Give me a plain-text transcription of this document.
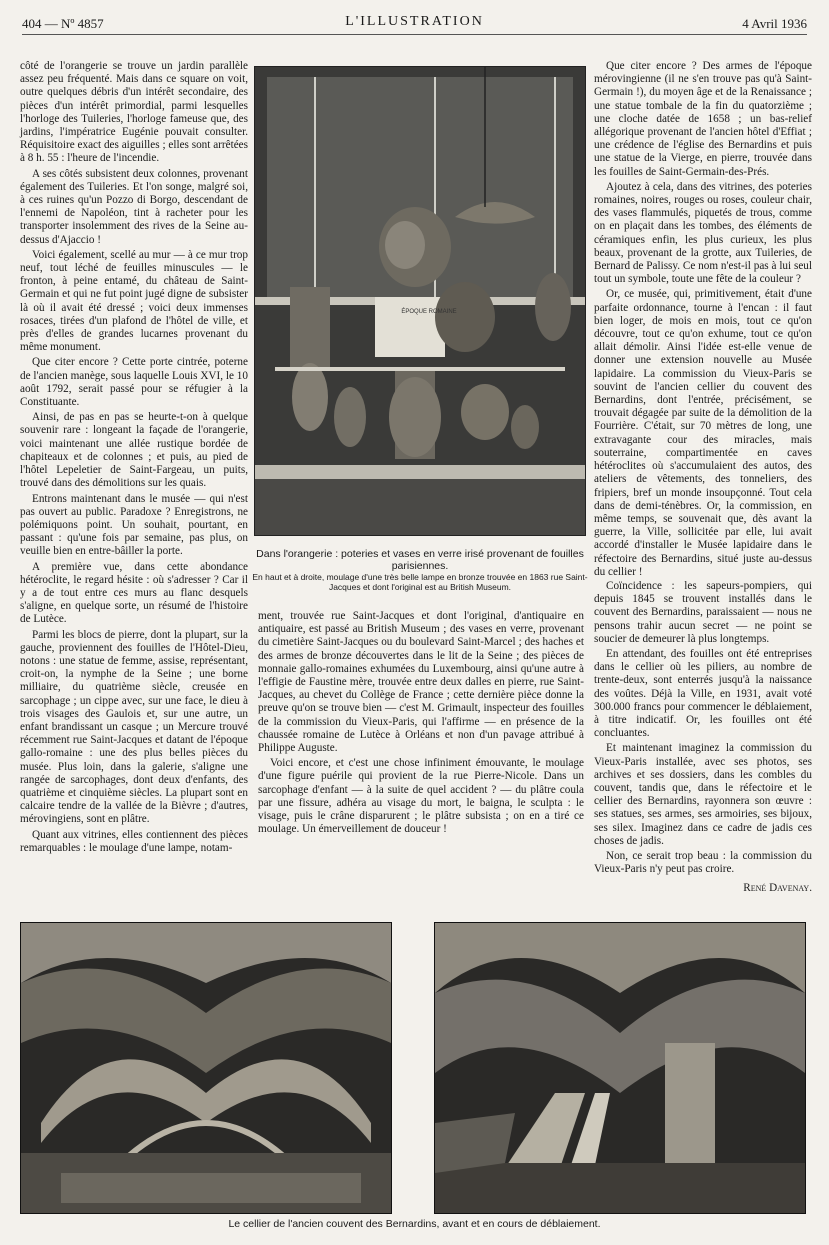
404 — Nº 4857	L'ILLUSTRATION	4 Avril 1936

côté de l'orangerie se trouve un jardin parallèle assez peu fréquenté. Mais dans ce square on voit, outre quelques débris d'un intérêt secondaire, des pièces d'un intérêt primordial, parmi lesquelles l'horloge des Tuileries, l'horloge fameuse que, des jardins, l'impératrice Eugénie pouvait consulter. Réquisitoire exact des aiguilles ; elles sont arrêtées à 8 h. 55 : l'heure de l'incendie.

A ses côtés subsistent deux colonnes, provenant également des Tuileries. Et l'on songe, malgré soi, à ces ruines qu'un Pozzo di Borgo, descendant de l'ennemi de Napoléon, tint à racheter pour les transporter insolemment des rives de la Seine au-dessus d'Ajaccio !

Voici également, scellé au mur — à ce mur trop neuf, tout léché de feuilles minuscules — le fronton, à peine entamé, du château de Saint-Germain et qui ne fut point jugé digne de subsister là où il avait été dressé ; voici deux immenses rosaces, tirées d'un plafond de l'hôtel de ville, et près d'elles de grandes lucarnes provenant du même monument.

Que citer encore ? Cette porte cintrée, poterne de l'ancien manège, sous laquelle Louis XVI, le 10 août 1792, serait passé pour se réfugier à la Constituante.

Ainsi, de pas en pas se heurte-t-on à quelque souvenir rare : longeant la façade de l'orangerie, voici maintenant une allée rustique bordée de chapiteaux et de colonnes ; et puis, au pied de l'hôtel Lepeletier de Saint-Fargeau, un puits, trouvé dans des démolitions sur les quais.

Entrons maintenant dans le musée — qui n'est pas ouvert au public. Paradoxe ? Enregistrons, ne polémiquons point. Un souhait, pourtant, en passant : qu'une fois par semaine, pas plus, on veuille bien en entre-bâiller la porte.

A première vue, dans cette abondance hétéroclite, le regard hésite : où s'adresser ? Car il y a de tout entre ces murs au flanc desquels s'aligne, en quelque sorte, un résumé de l'histoire de Lutèce.

Parmi les blocs de pierre, dont la plupart, sur la gauche, proviennent des fouilles de l'Hôtel-Dieu, notons : une statue de femme, assise, représentant, croit-on, la nymphe de la Seine ; une borne milliaire, du quatrième siècle, creusée en sarcophage ; un cippe avec, sur une face, le dieu à trois visages des Gaulois et, sur une autre, un enfant brandissant un casque ; un Mercure trouvé récemment rue Saint-Jacques et datant de l'époque gallo-romaine : une des plus belles pièces du musée. Plus loin, dans la galerie, s'aligne une rangée de sarcophages, dont deux d'enfants, des quatrième et cinquième siècles. La plupart sont en calcaire tendre de la vallée de la Bièvre ; d'autres, mérovingiens, sont en plâtre.

Quant aux vitrines, elles contiennent des pièces remarquables : le moulage d'une lampe, notam-

ÉPOQUE ROMAINE
Dans l'orangerie : poteries et vases en verre irisé provenant de fouilles parisiennes.
En haut et à droite, moulage d'une très belle lampe en bronze trouvée en 1863 rue Saint-Jacques et dont l'original est au British Museum.

ment, trouvée rue Saint-Jacques et dont l'original, d'antiquaire en antiquaire, est passé au British Museum ; des vases en verre, provenant du cimetière Saint-Jacques ou du boulevard Saint-Marcel ; des haches et des armes de bronze découvertes dans le lit de la Seine ; des pièces de monnaie gallo-romaines exhumées du Luxembourg, ainsi qu'une autre à l'effigie de Faustine mère, trouvée entre deux dalles en pierre, rue Saint-Jacques, au chevet du Collège de France ; cette dernière pièce donne la preuve qu'on se trouve bien — c'est M. Grimault, inspecteur des fouilles de la commission du Vieux-Paris, qui l'affirme — en présence de la chaussée romaine de Lutèce à Orléans et non d'un pavage attribué à Philippe Auguste.

Voici encore, et c'est une chose infiniment émouvante, le moulage d'une figure puérile qui provient de la rue Pierre-Nicole. Dans un sarcophage d'enfant — à la suite de quel accident ? — du plâtre coula par une fissure, adhéra au visage du mort, le baigna, le sculpta : le visage, puis le crâne disparurent ; le plâtre subsista ; on en a tiré ce moulage. Un émerveillement de douceur !

Que citer encore ? Des armes de l'époque mérovingienne (il ne s'en trouve pas qu'à Saint-Germain !), du moyen âge et de la Renaissance ; une statue tombale de la fin du quatorzième ; une cloche datée de 1658 ; un bas-relief allégorique provenant de l'ancien hôtel d'Effiat ; une crédence de l'église des Bernardins et puis une statue de la Vierge, en pierre, trouvée dans les fouilles de Saint-Germain-des-Prés.

Ajoutez à cela, dans des vitrines, des poteries romaines, noires, rouges ou roses, couleur chair, des vases flammulés, piquetés de trous, comme on en plaçait dans les tombes, des éléments de céramiques enfin, les plus curieux, les plus beaux, provenant de la grotte, aux Tuileries, de Bernard de Palissy. Ce nom n'est-il pas à lui seul tout un symbole, toute une fête de la couleur ?

Or, ce musée, qui, primitivement, était d'une parfaite ordonnance, tourne à l'encan : il faut bien loger, de mois en mois, tout ce qu'on découvre, tout ce qu'on exhume, tout ce qu'on allait démolir. Ainsi l'idée est-elle venue de donner une extension nouvelle au Musée lapidaire. La commission du Vieux-Paris se souvint de l'ancien cellier du couvent des Bernardins, dont l'entrée, précisément, se trouvait dégagée par suite de la démolition de la Fourrière. C'était, sur 70 mètres de long, une extravagante cour des miracles, mais souterraine, compartimentée en caves hétéroclites où s'accumulaient des autos, des ateliers de vêtements, des tonneliers, des fripiers, bref un monde insoupçonné. Tout cela dans de demi-ténèbres. Or, la commission, en même temps, se souvenait que, dès avant la guerre, la Ville, sollicitée par elle, lui avait accordé d'installer le Musée lapidaire dans le réfectoire des Bernardins, situé juste au-dessus du cellier !

Coïncidence : les sapeurs-pompiers, qui depuis 1845 se trouvent installés dans le couvent des Bernardins, paraissaient — nous ne pensons trahir aucun secret — ne point se soucier de demeurer là plus longtemps.

En attendant, des fouilles ont été entreprises dans le cellier où les piliers, au nombre de trente-deux, sont enterrés jusqu'à la naissance des voûtes. Déjà la Ville, en 1931, avait voté 300.000 francs pour commencer le déblaiement, à titre indicatif. Or, les fouilles ont été concluantes.

Et maintenant imaginez la commission du Vieux-Paris installée, avec ses photos, ses archives et ses dossiers, dans les combles du couvent, tandis que, dans le réfectoire et le cellier des Bernardins, rayonnera son œuvre : ses statues, ses armes, ses armoiries, ses bijoux, ses silex. Imaginez dans ce cadre de jadis ces choses de jadis.

Non, ce serait trop beau : la commission du Vieux-Paris n'y peut pas croire.

René Davenay.
Le cellier de l'ancien couvent des Bernardins, avant et en cours de déblaiement.
